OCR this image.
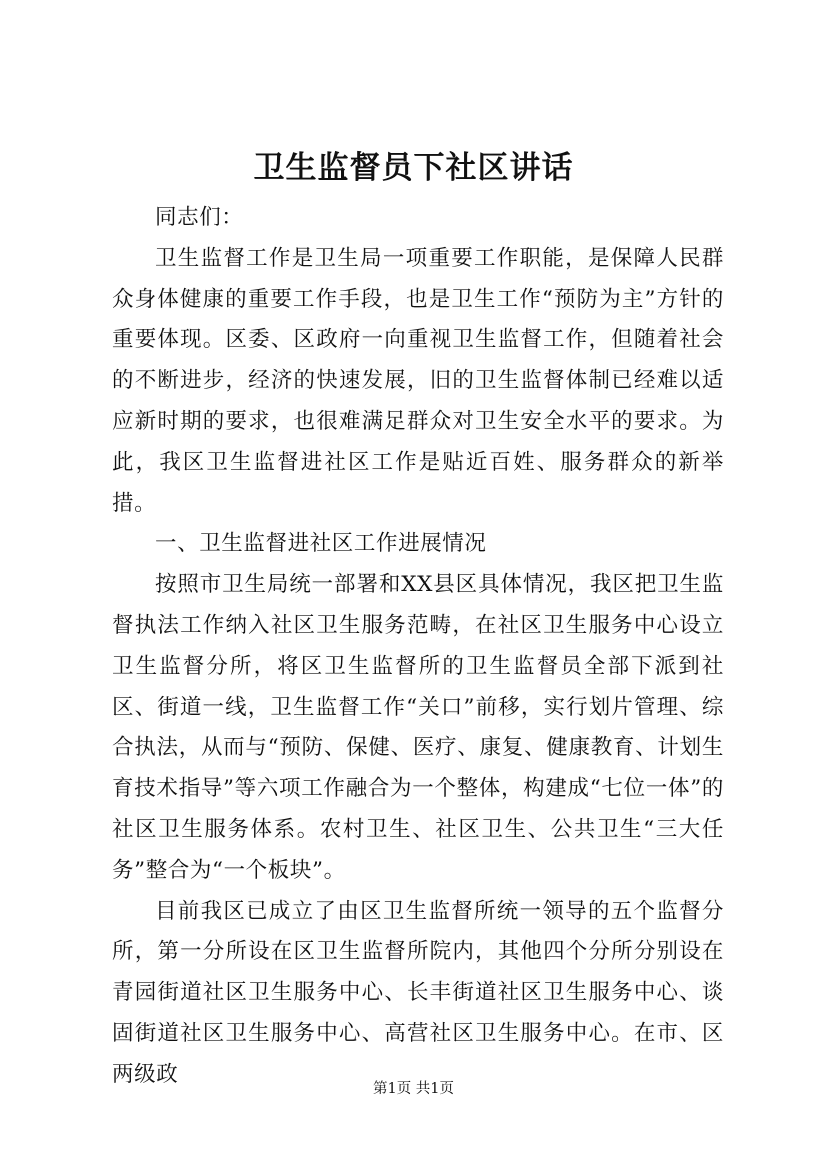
卫生监督员下社区讲话

同志们：

卫生监督工作是卫生局一项重要工作职能，是保障人民群众身体健康的重要工作手段，也是卫生工作“预防为主”方针的重要体现。区委、区政府一向重视卫生监督工作，但随着社会的不断进步，经济的快速发展，旧的卫生监督体制已经难以适应新时期的要求，也很难满足群众对卫生安全水平的要求。为此，我区卫生监督进社区工作是贴近百姓、服务群众的新举措。

一、卫生监督进社区工作进展情况

按照市卫生局统一部署和XX县区具体情况，我区把卫生监督执法工作纳入社区卫生服务范畴，在社区卫生服务中心设立卫生监督分所，将区卫生监督所的卫生监督员全部下派到社区、街道一线，卫生监督工作“关口”前移，实行划片管理、综合执法，从而与“预防、保健、医疗、康复、健康教育、计划生育技术指导”等六项工作融合为一个整体，构建成“七位一体”的社区卫生服务体系。农村卫生、社区卫生、公共卫生“三大任务”整合为“一个板块”。

目前我区已成立了由区卫生监督所统一领导的五个监督分所，第一分所设在区卫生监督所院内，其他四个分所分别设在青园街道社区卫生服务中心、长丰街道社区卫生服务中心、谈固街道社区卫生服务中心、高营社区卫生服务中心。在市、区两级政

第1页 共1页
